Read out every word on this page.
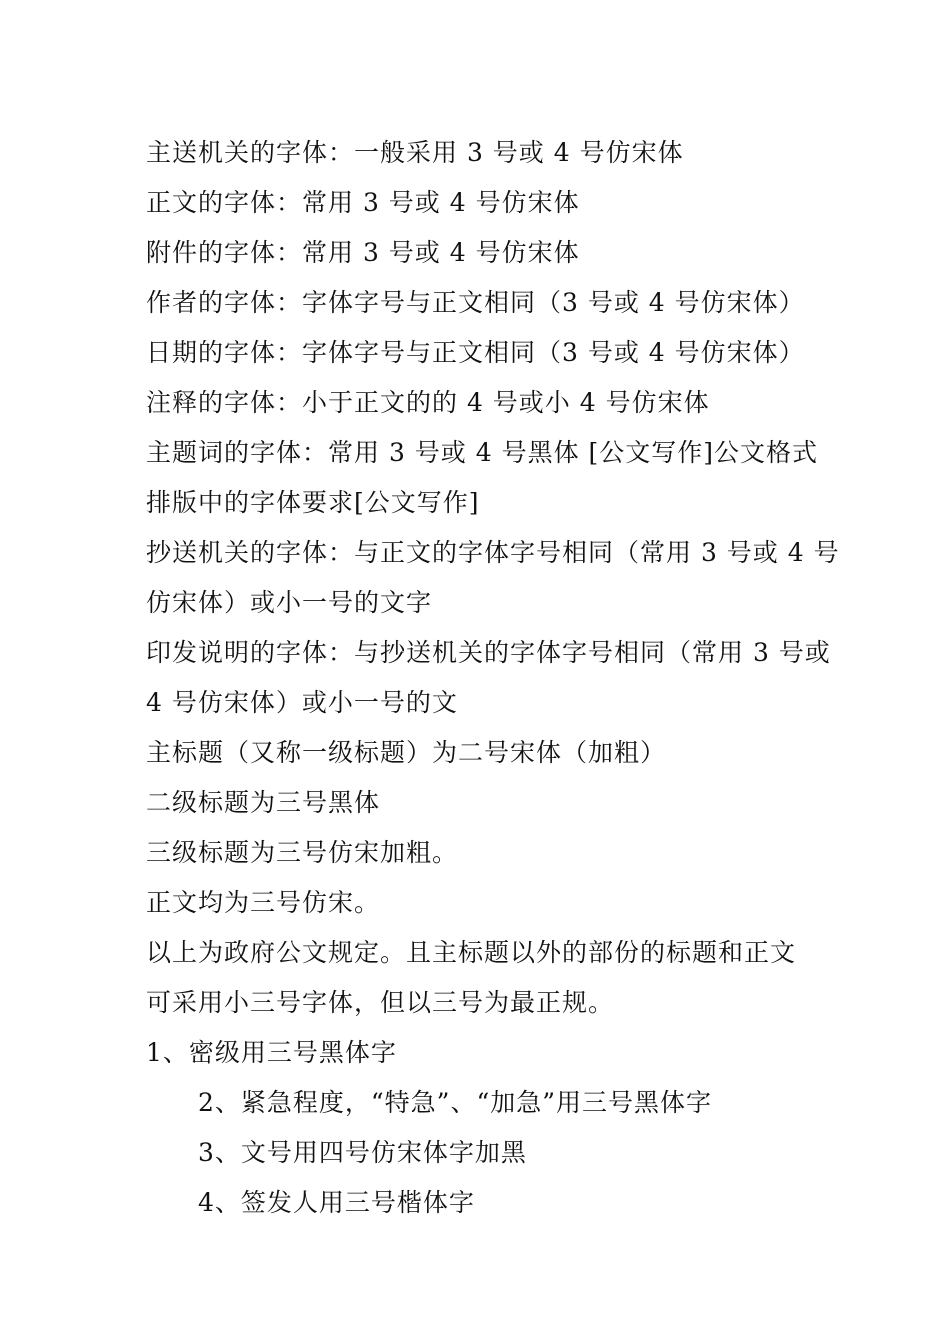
主送机关的字体：一般采用 3 号或 4 号仿宋体
正文的字体：常用 3 号或 4 号仿宋体
附件的字体：常用 3 号或 4 号仿宋体
作者的字体：字体字号与正文相同（3 号或 4 号仿宋体）
日期的字体：字体字号与正文相同（3 号或 4 号仿宋体）
注释的字体：小于正文的的 4 号或小 4 号仿宋体
主题词的字体：常用 3 号或 4 号黑体 [公文写作]公文格式
排版中的字体要求[公文写作]
抄送机关的字体：与正文的字体字号相同（常用 3 号或 4 号
仿宋体）或小一号的文字
印发说明的字体：与抄送机关的字体字号相同（常用 3 号或
4 号仿宋体）或小一号的文
主标题（又称一级标题）为二号宋体（加粗）
二级标题为三号黑体
三级标题为三号仿宋加粗。
正文均为三号仿宋。
以上为政府公文规定。且主标题以外的部份的标题和正文
可采用小三号字体，但以三号为最正规。
1、密级用三号黑体字
2、紧急程度，“特急”、“加急”用三号黑体字
3、文号用四号仿宋体字加黑
4、签发人用三号楷体字
